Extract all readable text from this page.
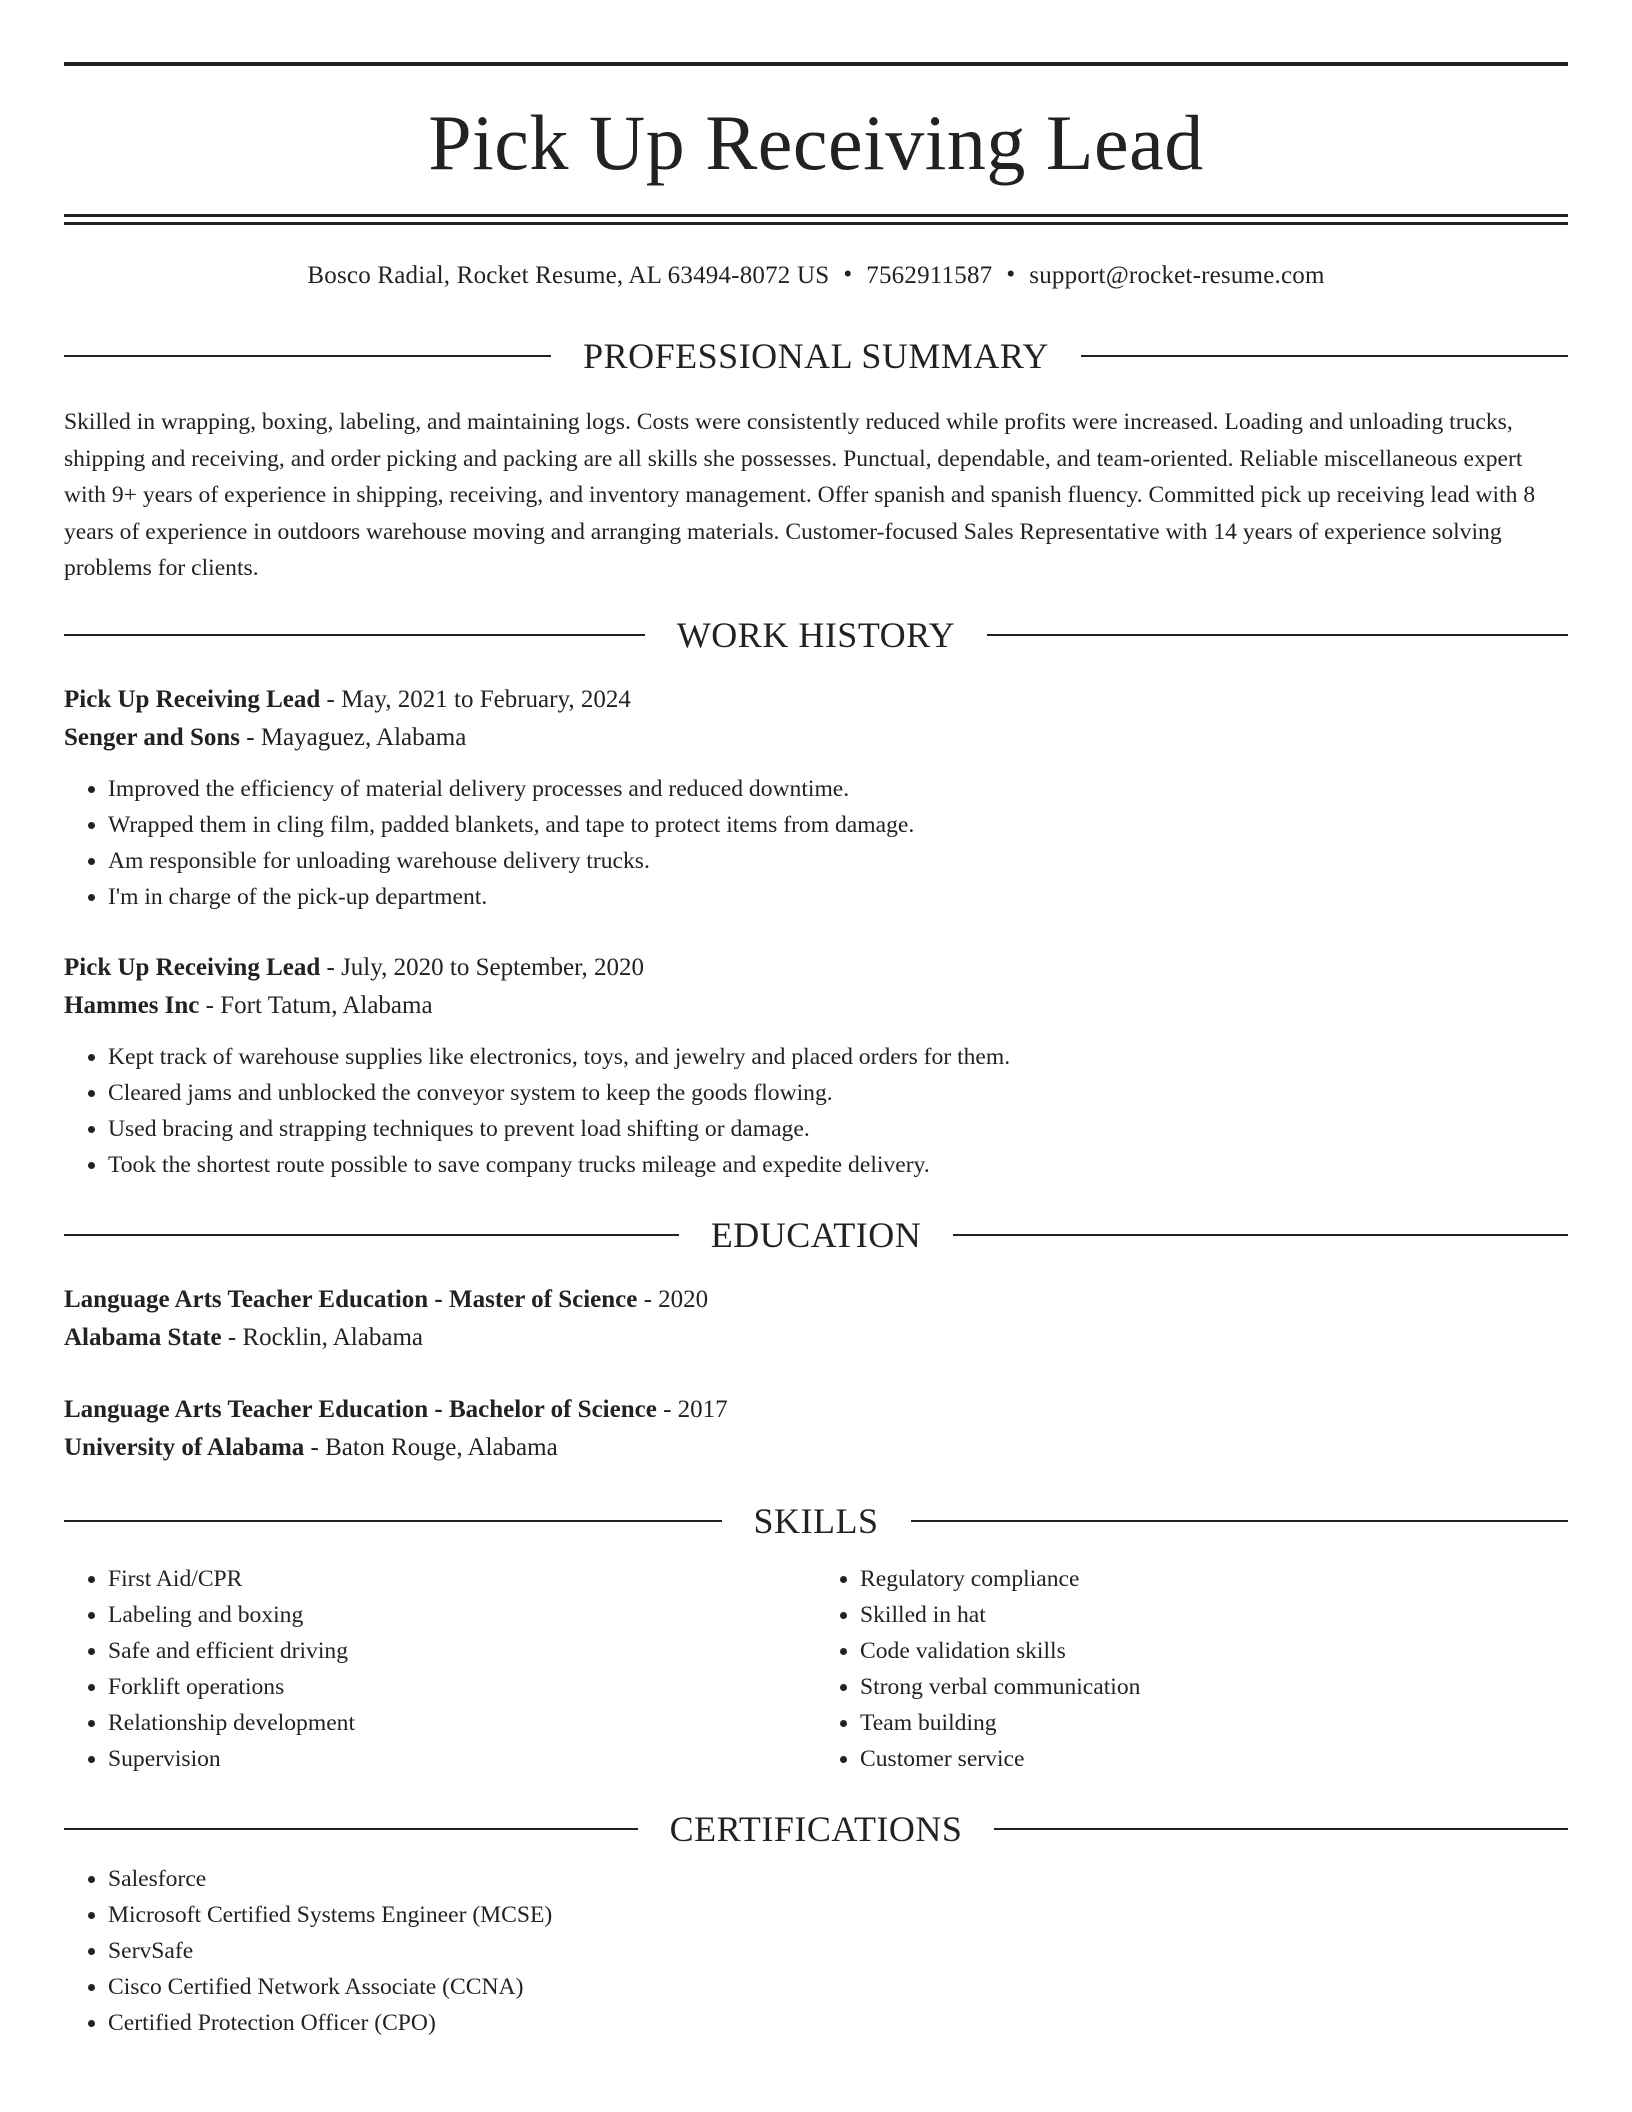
Pick Up Receiving Lead
Bosco Radial, Rocket Resume, AL 63494-8072 US • 7562911587 • support@rocket-resume.com
PROFESSIONAL SUMMARY

Skilled in wrapping, boxing, labeling, and maintaining logs. Costs were consistently reduced while profits were increased. Loading and unloading trucks, shipping and receiving, and order picking and packing are all skills she possesses. Punctual, dependable, and team-oriented. Reliable miscellaneous expert with 9+ years of experience in shipping, receiving, and inventory management. Offer spanish and spanish fluency. Committed pick up receiving lead with 8 years of experience in outdoors warehouse moving and arranging materials. Customer-focused Sales Representative with 14 years of experience solving problems for clients.

WORK HISTORY
Pick Up Receiving Lead - May, 2021 to February, 2024
Senger and Sons - Mayaguez, Alabama
• Improved the efficiency of material delivery processes and reduced downtime.
• Wrapped them in cling film, padded blankets, and tape to protect items from damage.
• Am responsible for unloading warehouse delivery trucks.
• I'm in charge of the pick-up department.
Pick Up Receiving Lead - July, 2020 to September, 2020
Hammes Inc - Fort Tatum, Alabama
• Kept track of warehouse supplies like electronics, toys, and jewelry and placed orders for them.
• Cleared jams and unblocked the conveyor system to keep the goods flowing.
• Used bracing and strapping techniques to prevent load shifting or damage.
• Took the shortest route possible to save company trucks mileage and expedite delivery.
EDUCATION
Language Arts Teacher Education - Master of Science - 2020
Alabama State - Rocklin, Alabama
Language Arts Teacher Education - Bachelor of Science - 2017
University of Alabama - Baton Rouge, Alabama
SKILLS
• First Aid/CPR
• Labeling and boxing
• Safe and efficient driving
• Forklift operations
• Relationship development
• Supervision
• Regulatory compliance
• Skilled in hat
• Code validation skills
• Strong verbal communication
• Team building
• Customer service
CERTIFICATIONS
• Salesforce
• Microsoft Certified Systems Engineer (MCSE)
• ServSafe
• Cisco Certified Network Associate (CCNA)
• Certified Protection Officer (CPO)
